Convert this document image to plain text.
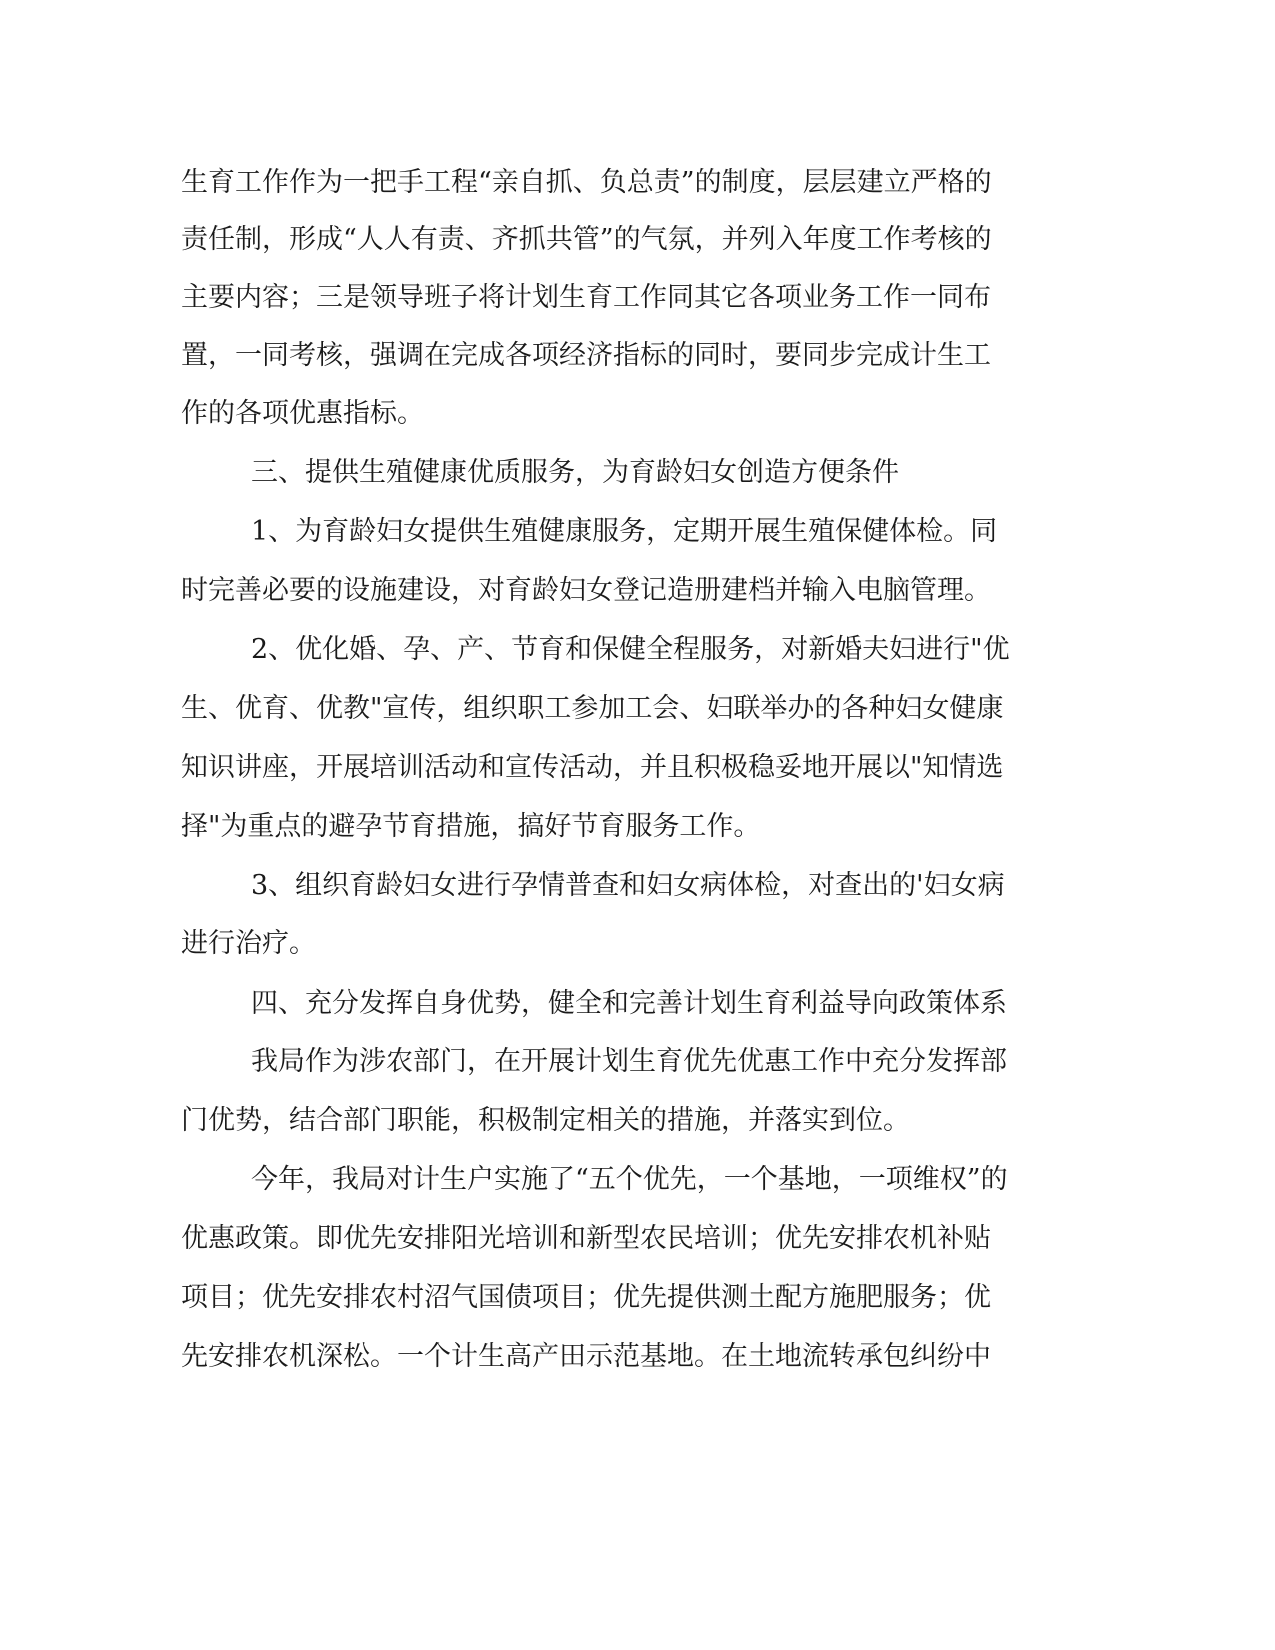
生育工作作为一把手工程“亲自抓、负总责”的制度，层层建立严格的
责任制，形成“人人有责、齐抓共管”的气氛，并列入年度工作考核的
主要内容；三是领导班子将计划生育工作同其它各项业务工作一同布
置，一同考核，强调在完成各项经济指标的同时，要同步完成计生工
作的各项优惠指标。
三、提供生殖健康优质服务，为育龄妇女创造方便条件
1、为育龄妇女提供生殖健康服务，定期开展生殖保健体检。同
时完善必要的设施建设，对育龄妇女登记造册建档并输入电脑管理。
2、优化婚、孕、产、节育和保健全程服务，对新婚夫妇进行"优
生、优育、优教"宣传，组织职工参加工会、妇联举办的各种妇女健康
知识讲座，开展培训活动和宣传活动，并且积极稳妥地开展以"知情选
择"为重点的避孕节育措施，搞好节育服务工作。
3、组织育龄妇女进行孕情普查和妇女病体检，对查出的'妇女病
进行治疗。
四、充分发挥自身优势，健全和完善计划生育利益导向政策体系
我局作为涉农部门，在开展计划生育优先优惠工作中充分发挥部
门优势，结合部门职能，积极制定相关的措施，并落实到位。
今年，我局对计生户实施了“五个优先，一个基地，一项维权”的
优惠政策。即优先安排阳光培训和新型农民培训；优先安排农机补贴
项目；优先安排农村沼气国债项目；优先提供测土配方施肥服务；优
先安排农机深松。一个计生高产田示范基地。在土地流转承包纠纷中
